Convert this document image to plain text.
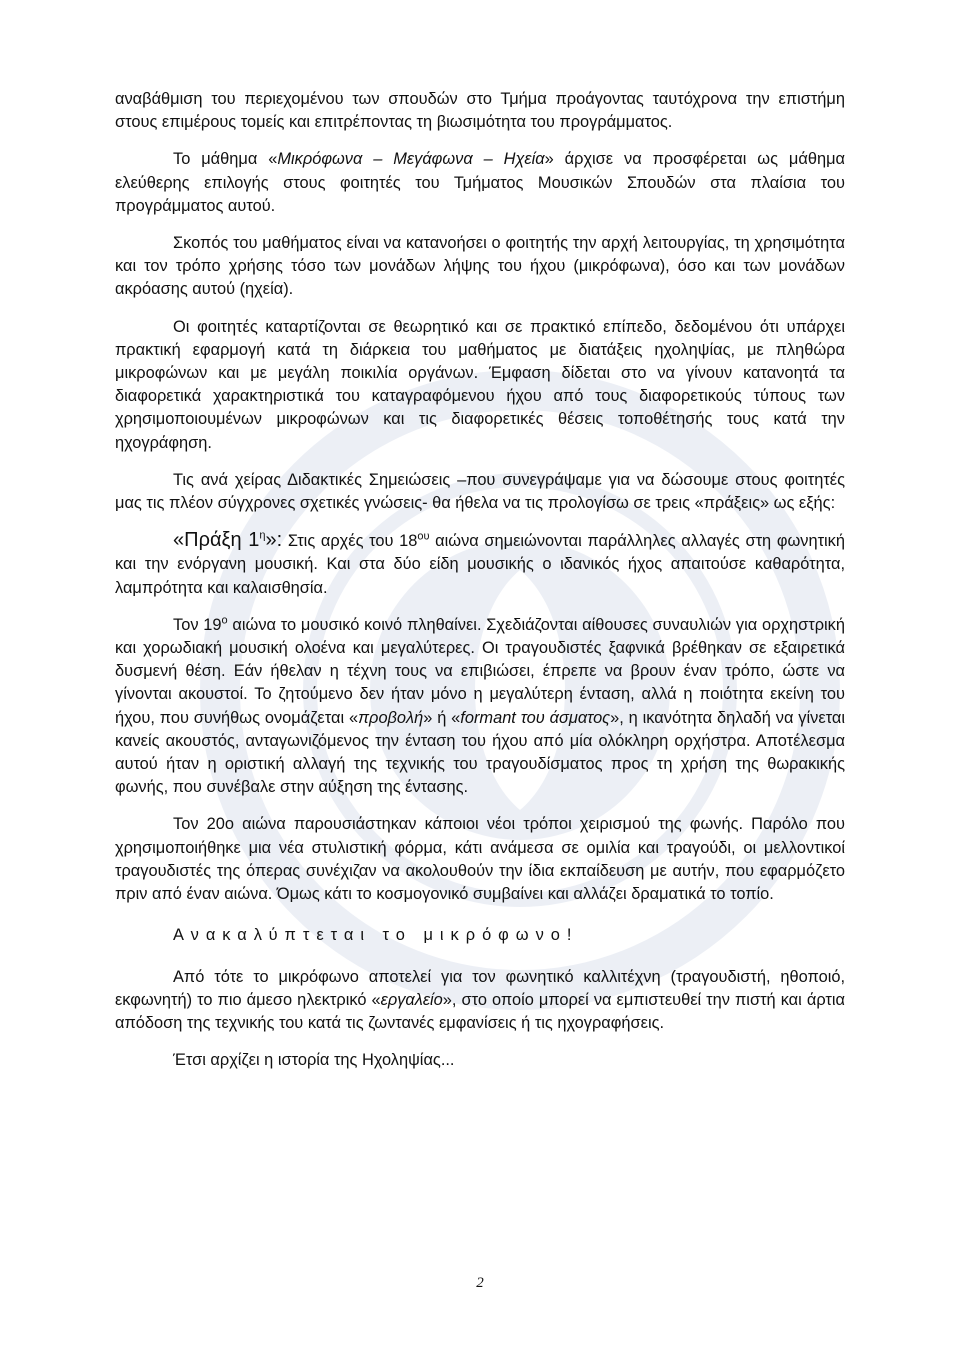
αναβάθμιση του περιεχομένου των σπουδών στο Τμήμα προάγοντας ταυτόχρονα την επιστήμη στους επιμέρους τομείς και επιτρέποντας τη βιωσιμότητα του προγράμματος.

Το μάθημα «Μικρόφωνα – Μεγάφωνα – Ηχεία» άρχισε να προσφέρεται ως μάθημα ελεύθερης επιλογής στους φοιτητές του Τμήματος Μουσικών Σπουδών στα πλαίσια του προγράμματος αυτού.

Σκοπός του μαθήματος είναι να κατανοήσει ο φοιτητής την αρχή λειτουργίας, τη χρησιμότητα και τον τρόπο χρήσης τόσο των μονάδων λήψης του ήχου (μικρόφωνα), όσο και των μονάδων ακρόασης αυτού (ηχεία).

Οι φοιτητές καταρτίζονται σε θεωρητικό και σε πρακτικό επίπεδο, δεδομένου ότι υπάρχει πρακτική εφαρμογή κατά τη διάρκεια του μαθήματος με διατάξεις ηχοληψίας, με πληθώρα μικροφώνων και με μεγάλη ποικιλία οργάνων. Έμφαση δίδεται στο να γίνουν κατανοητά τα διαφορετικά χαρακτηριστικά του καταγραφόμενου ήχου από τους διαφορετικούς τύπους των χρησιμοποιουμένων μικροφώνων και τις διαφορετικές θέσεις τοποθέτησής τους κατά την ηχογράφηση.

Τις ανά χείρας Διδακτικές Σημειώσεις –που συνεγράψαμε για να δώσουμε στους φοιτητές μας τις πλέον σύγχρονες σχετικές γνώσεις- θα ήθελα να τις προλογίσω σε τρεις «πράξεις» ως εξής:

«Πράξη $1^\eta$»: Στις αρχές του $18^{o\upsilon}$ αιώνα σημειώνονται παράλληλες αλλαγές στη φωνητική και την ενόργανη μουσική. Και στα δύο είδη μουσικής ο ιδανικός ήχος απαιτούσε καθαρότητα, λαμπρότητα και καλαισθησία.

Τον $19^o$ αιώνα το μουσικό κοινό πληθαίνει. Σχεδιάζονται αίθουσες συναυλιών για ορχηστρική και χορωδιακή μουσική ολοένα και μεγαλύτερες. Οι τραγουδιστές ξαφνικά βρέθηκαν σε εξαιρετικά δυσμενή θέση. Εάν ήθελαν η τέχνη τους να επιβιώσει, έπρεπε να βρουν έναν τρόπο, ώστε να γίνονται ακουστοί. Το ζητούμενο δεν ήταν μόνο η μεγαλύτερη ένταση, αλλά η ποιότητα εκείνη του ήχου, που συνήθως ονομάζεται «προβολή» ή «formant του άσματος», η ικανότητα δηλαδή να γίνεται κανείς ακουστός, ανταγωνιζόμενος την ένταση του ήχου από μία ολόκληρη ορχήστρα. Αποτέλεσμα αυτού ήταν η οριστική αλλαγή της τεχνικής του τραγουδίσματος προς τη χρήση της θωρακικής φωνής, που συνέβαλε στην αύξηση της έντασης.

Τον 20ο αιώνα παρουσιάστηκαν κάποιοι νέοι τρόποι χειρισμού της φωνής. Παρόλο που χρησιμοποιήθηκε μια νέα στυλιστική φόρμα, κάτι ανάμεσα σε ομιλία και τραγούδι, οι μελλοντικοί τραγουδιστές της όπερας συνέχιζαν να ακολουθούν την ίδια εκπαίδευση με αυτήν, που εφαρμόζετο πριν από έναν αιώνα. Όμως κάτι το κοσμογονικό συμβαίνει και αλλάζει δραματικά το τοπίο.

Ανακαλύπτεται το μικρόφωνο!

Από τότε το μικρόφωνο αποτελεί για τον φωνητικό καλλιτέχνη (τραγουδιστή, ηθοποιό, εκφωνητή) το πιο άμεσο ηλεκτρικό «εργαλείο», στο οποίο μπορεί να εμπιστευθεί την πιστή και άρτια απόδοση της τεχνικής του κατά τις ζωντανές εμφανίσεις ή τις ηχογραφήσεις.

Έτσι αρχίζει η ιστορία της Ηχοληψίας...

2
